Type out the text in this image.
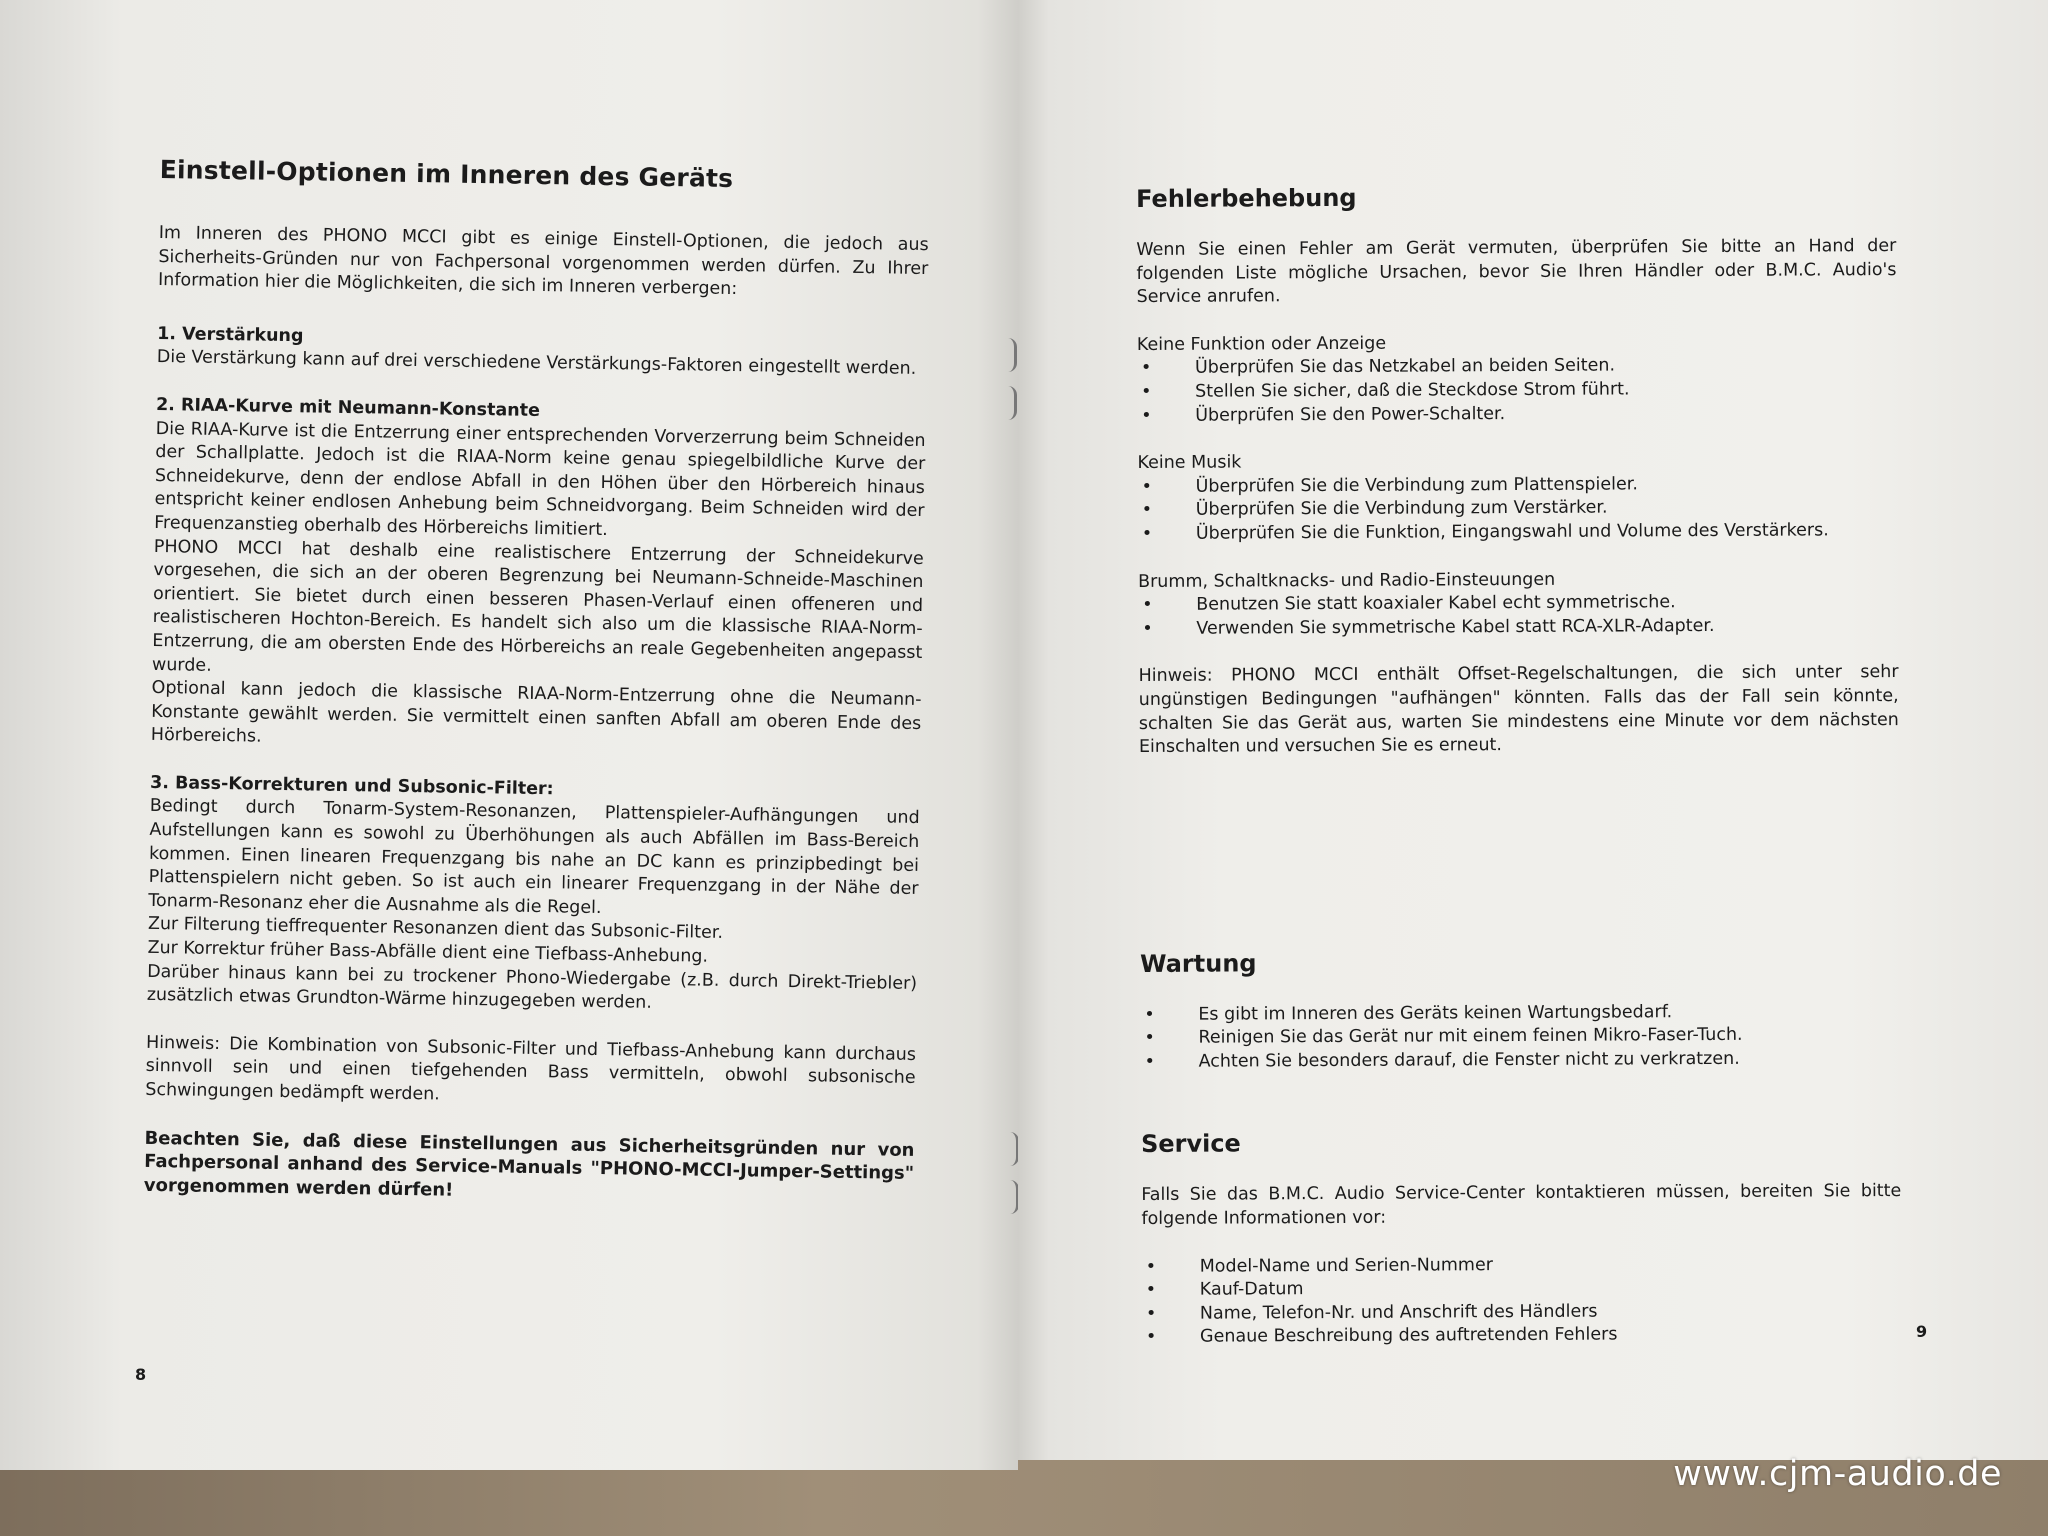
Einstell-Optionen im Inneren des Geräts

Im Inneren des PHONO MCCI gibt es einige Einstell-Optionen, die jedoch aus Sicherheits-Gründen nur von Fachpersonal vorgenommen werden dürfen. Zu Ihrer Information hier die Möglichkeiten, die sich im Inneren verbergen:

1. Verstärkung

Die Verstärkung kann auf drei verschiedene Verstärkungs-Faktoren eingestellt werden.

2. RIAA-Kurve mit Neumann-Konstante

Die RIAA-Kurve ist die Entzerrung einer entsprechenden Vorverzerrung beim Schneiden der Schallplatte. Jedoch ist die RIAA-Norm keine genau spiegelbildliche Kurve der Schneidekurve, denn der endlose Abfall in den Höhen über den Hörbereich hinaus entspricht keiner endlosen Anhebung beim Schneidvorgang. Beim Schneiden wird der Frequenzanstieg oberhalb des Hörbereichs limitiert.

PHONO MCCI hat deshalb eine realistischere Entzerrung der Schneidekurve vorgesehen, die sich an der oberen Begrenzung bei Neumann-Schneide-Maschinen orientiert. Sie bietet durch einen besseren Phasen-Verlauf einen offeneren und realistischeren Hochton-Bereich. Es handelt sich also um die klassische RIAA-Norm-Entzerrung, die am obersten Ende des Hörbereichs an reale Gegebenheiten angepasst wurde.

Optional kann jedoch die klassische RIAA-Norm-Entzerrung ohne die Neumann-Konstante gewählt werden. Sie vermittelt einen sanften Abfall am oberen Ende des Hörbereichs.

3. Bass-Korrekturen und Subsonic-Filter:

Bedingt durch Tonarm-System-Resonanzen, Plattenspieler-Aufhängungen und Aufstellungen kann es sowohl zu Überhöhungen als auch Abfällen im Bass-Bereich kommen. Einen linearen Frequenzgang bis nahe an DC kann es prinzipbedingt bei Plattenspielern nicht geben. So ist auch ein linearer Frequenzgang in der Nähe der Tonarm-Resonanz eher die Ausnahme als die Regel.

Zur Filterung tieffrequenter Resonanzen dient das Subsonic-Filter.

Zur Korrektur früher Bass-Abfälle dient eine Tiefbass-Anhebung.

Darüber hinaus kann bei zu trockener Phono-Wiedergabe (z.B. durch Direkt-Triebler) zusätzlich etwas Grundton-Wärme hinzugegeben werden.

Hinweis: Die Kombination von Subsonic-Filter und Tiefbass-Anhebung kann durchaus sinnvoll sein und einen tiefgehenden Bass vermitteln, obwohl subsonische Schwingungen bedämpft werden.

Beachten Sie, daß diese Einstellungen aus Sicherheitsgründen nur von Fachpersonal anhand des Service-Manuals "PHONO-MCCI-Jumper-Settings" vorgenommen werden dürfen!

8
Fehlerbehebung

Wenn Sie einen Fehler am Gerät vermuten, überprüfen Sie bitte an Hand der folgenden Liste mögliche Ursachen, bevor Sie Ihren Händler oder B.M.C. Audio's Service anrufen.

Keine Funktion oder Anzeige
• Überprüfen Sie das Netzkabel an beiden Seiten.
• Stellen Sie sicher, daß die Steckdose Strom führt.
• Überprüfen Sie den Power-Schalter.
Keine Musik
• Überprüfen Sie die Verbindung zum Plattenspieler.
• Überprüfen Sie die Verbindung zum Verstärker.
• Überprüfen Sie die Funktion, Eingangswahl und Volume des Verstärkers.
Brumm, Schaltknacks- und Radio-Einsteuungen
• Benutzen Sie statt koaxialer Kabel echt symmetrische.
• Verwenden Sie symmetrische Kabel statt RCA-XLR-Adapter.

Hinweis: PHONO MCCI enthält Offset-Regelschaltungen, die sich unter sehr ungünstigen Bedingungen "aufhängen" könnten. Falls das der Fall sein könnte, schalten Sie das Gerät aus, warten Sie mindestens eine Minute vor dem nächsten Einschalten und versuchen Sie es erneut.

Wartung
• Es gibt im Inneren des Geräts keinen Wartungsbedarf.
• Reinigen Sie das Gerät nur mit einem feinen Mikro-Faser-Tuch.
• Achten Sie besonders darauf, die Fenster nicht zu verkratzen.
Service

Falls Sie das B.M.C. Audio Service-Center kontaktieren müssen, bereiten Sie bitte folgende Informationen vor:

• Model-Name und Serien-Nummer
• Kauf-Datum
• Name, Telefon-Nr. und Anschrift des Händlers
• Genaue Beschreibung des auftretenden Fehlers	9
www.cjm-audio.de
